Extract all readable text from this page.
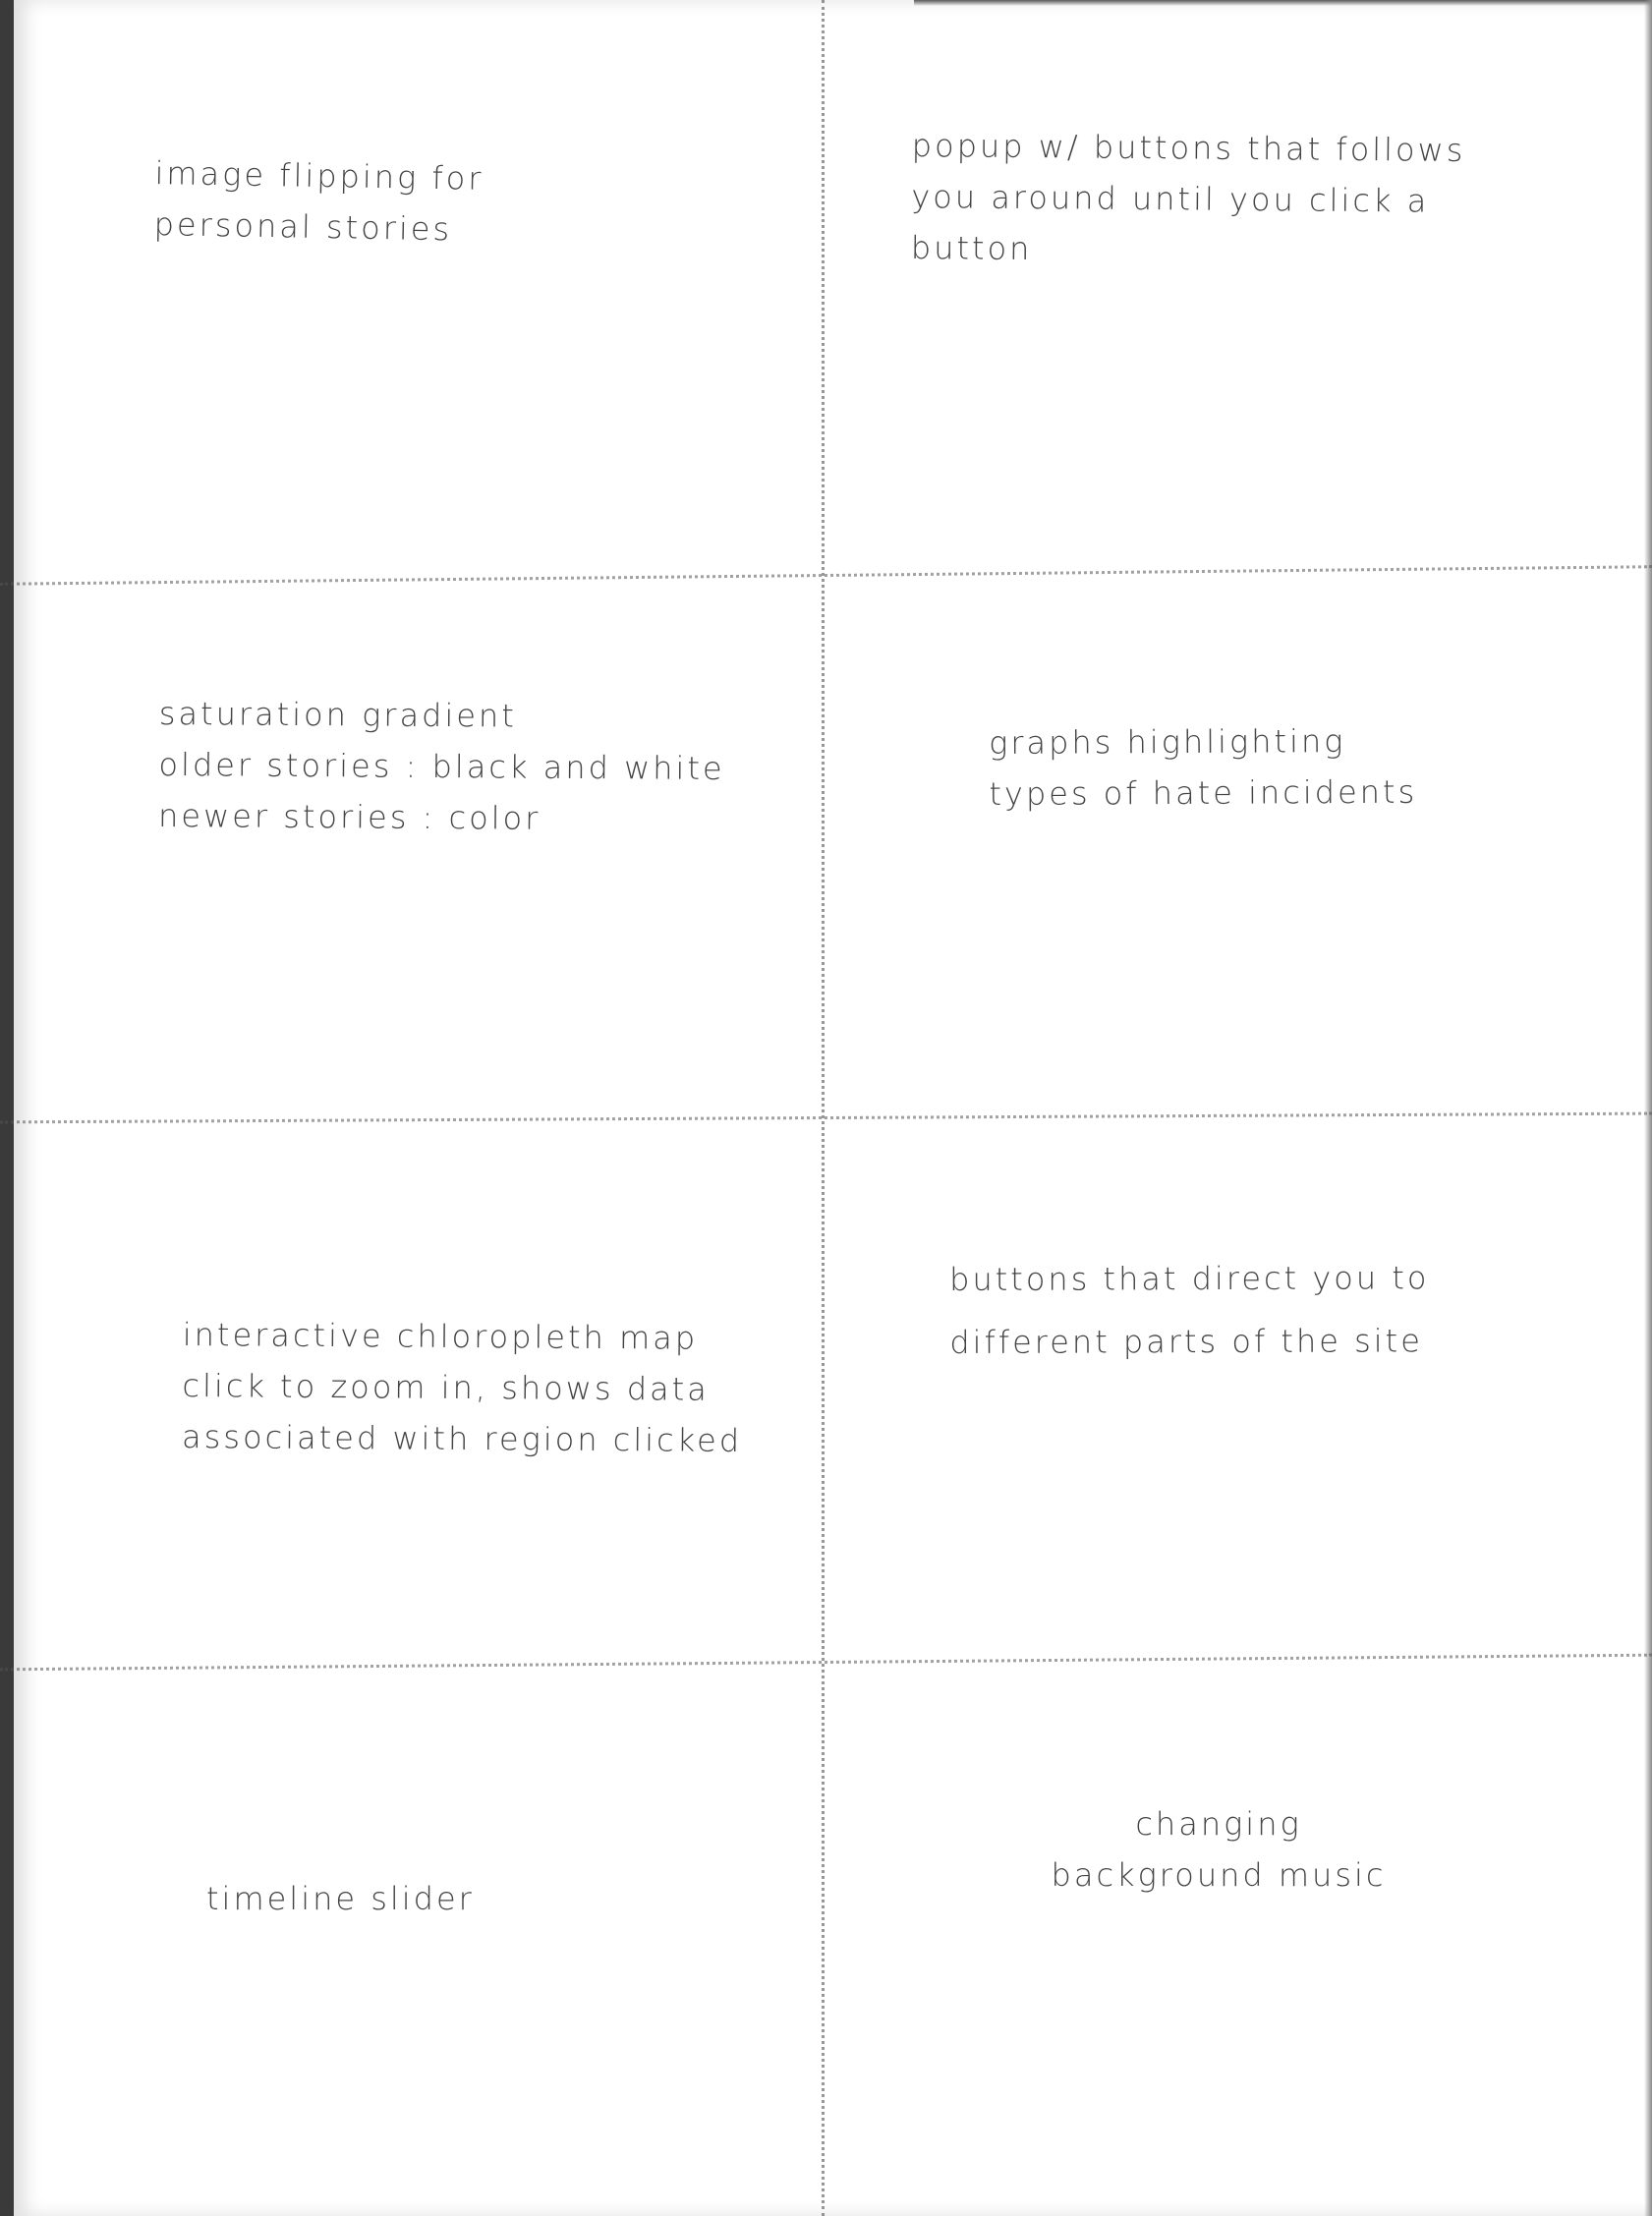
image flipping for
personal stories
popup w/ buttons that follows
you around until you click a
button
saturation gradient
older stories : black and white
newer stories : color
graphs highlighting
types of hate incidents
interactive chloropleth map
click to zoom in, shows data
associated with region clicked
buttons that direct you to
different parts of the site
timeline slider
changing
background music
